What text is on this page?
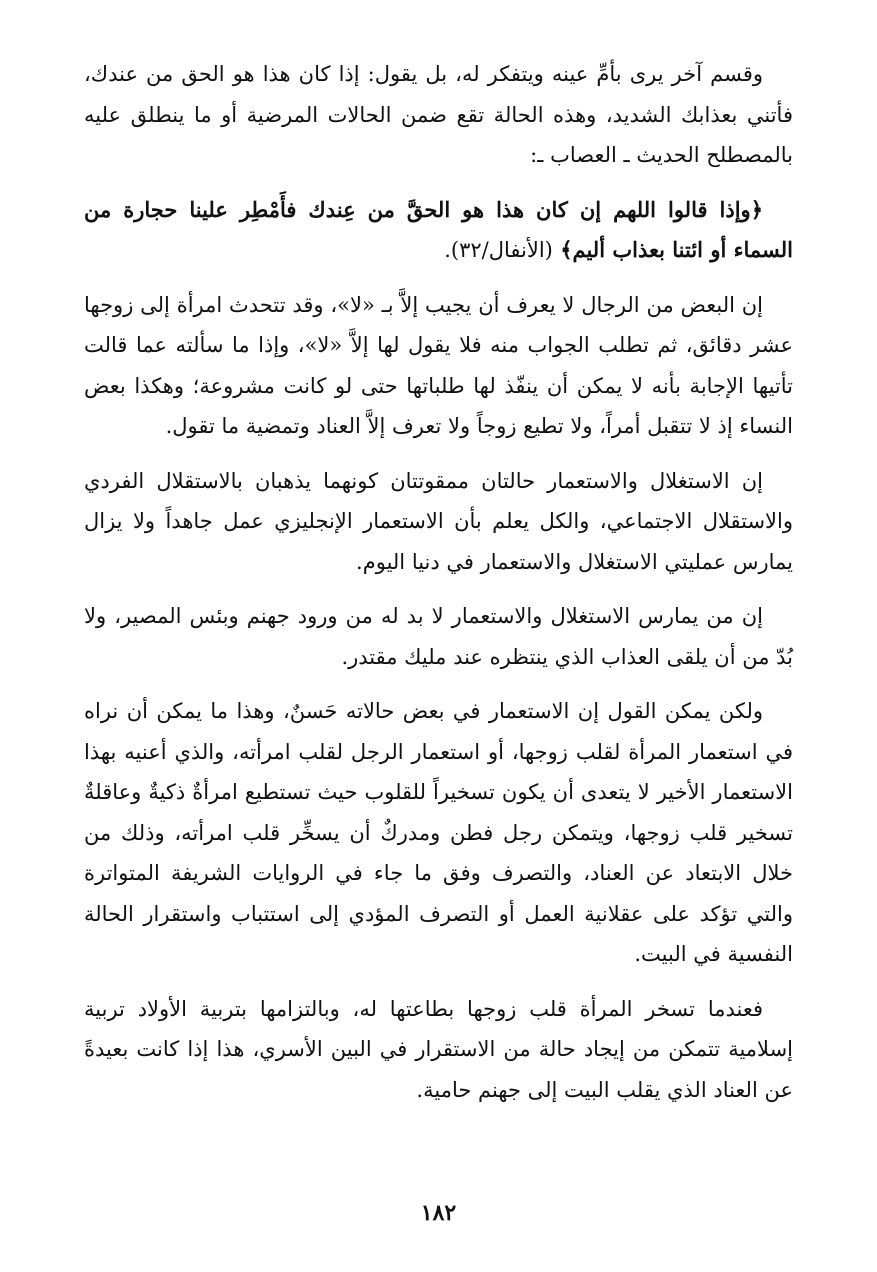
وقسم آخر يرى بأمِّ عينه ويتفكر له، بل يقول: إذا كان هذا هو الحق من عندك، فأتني بعذابك الشديد، وهذه الحالة تقع ضمن الحالات المرضية أو ما ينطلق عليه بالمصطلح الحديث ـ العصاب ـ:

﴿وإذا قالوا اللهم إن كان هذا هو الحقَّ من عِندك فأَمْطِر علينا حجارة من السماء أو ائتنا بعذاب أليم﴾ (الأنفال/٣٢).

إن البعض من الرجال لا يعرف أن يجيب إلاَّ بـ «لا»، وقد تتحدث امرأة إلى زوجها عشر دقائق، ثم تطلب الجواب منه فلا يقول لها إلاَّ «لا»، وإذا ما سألته عما قالت تأتيها الإجابة بأنه لا يمكن أن ينفّذ لها طلباتها حتى لو كانت مشروعة؛ وهكذا بعض النساء إذ لا تتقبل أمراً، ولا تطيع زوجاً ولا تعرف إلاَّ العناد وتمضية ما تقول.

إن الاستغلال والاستعمار حالتان ممقوتتان كونهما يذهبان بالاستقلال الفردي والاستقلال الاجتماعي، والكل يعلم بأن الاستعمار الإنجليزي عمل جاهداً ولا يزال يمارس عمليتي الاستغلال والاستعمار في دنيا اليوم.

إن من يمارس الاستغلال والاستعمار لا بد له من ورود جهنم وبئس المصير، ولا بُدّ من أن يلقى العذاب الذي ينتظره عند مليك مقتدر.

ولكن يمكن القول إن الاستعمار في بعض حالاته حَسنٌ، وهذا ما يمكن أن نراه في استعمار المرأة لقلب زوجها، أو استعمار الرجل لقلب امرأته، والذي أعنيه بهذا الاستعمار الأخير لا يتعدى أن يكون تسخيراً للقلوب حيث تستطيع امرأةٌ ذكيةٌ وعاقلةٌ تسخير قلب زوجها، ويتمكن رجل فطن ومدركٌ أن يسخِّر قلب امرأته، وذلك من خلال الابتعاد عن العناد، والتصرف وفق ما جاء في الروايات الشريفة المتواترة والتي تؤكد على عقلانية العمل أو التصرف المؤدي إلى استتباب واستقرار الحالة النفسية في البيت.

فعندما تسخر المرأة قلب زوجها بطاعتها له، وبالتزامها بتربية الأولاد تربية إسلامية تتمكن من إيجاد حالة من الاستقرار في البين الأسري، هذا إذا كانت بعيدةً عن العناد الذي يقلب البيت إلى جهنم حامية.

١٨٢
